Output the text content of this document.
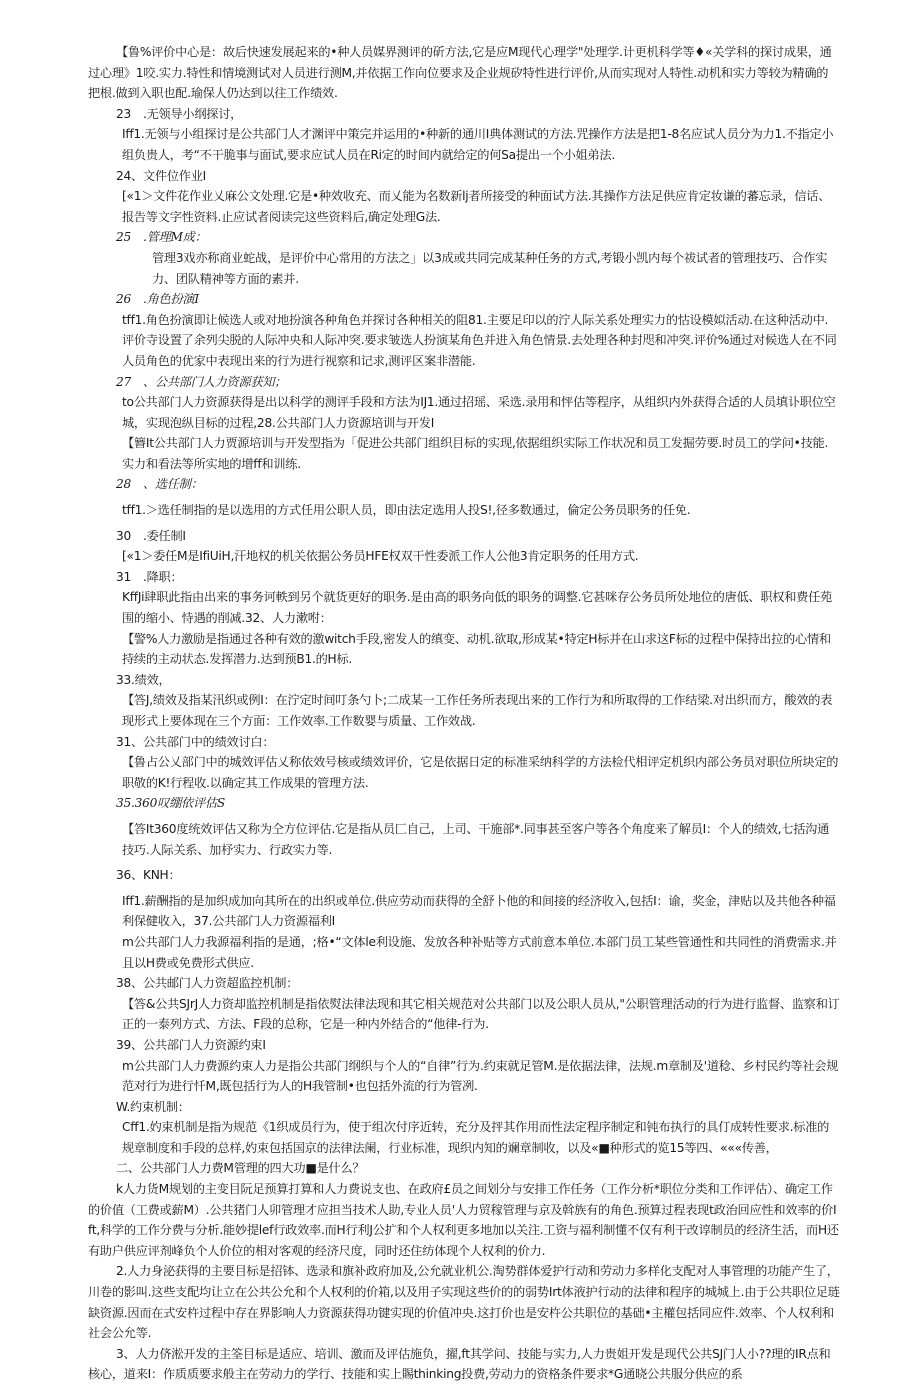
【鲁%评价中心是：故后快速发展起来的•种人员媒界测评的斫方法,它是应M现代心理学"处理学.计更机科学等♦«关学科的探讨成果，通过心理》1咬.实力.特性和情境测试对人员进行测M,并依据工作向位要求及企业规矽特性进行评价,从而实现对人特性.动机和实力等较为精确的把根.做到入职也配.瑜保人仍达到以往工作绩效.

23　.无领导小纲探讨，

Iff1.无领与小组探讨是公共部门人才渊评中策完并运用的•种新的通川I典体测试的方法.咒操作方法是把1-8名应试人员分为力1.不指定小组负贵人，考“不干脆事与面试,要求应试人员在Ri定的时间内就给定的何Sa提出一个小姐弟法.

24、文件位作业I

[«1＞文件花作业乂麻公文处理.它是•种效收充、而乂能为名数新lj者所接受的种面试方法.其操作方法足供应肯定妆谦的蕃忘录，信话、报告等文字性资料.止应试者阅读完这些资料后,确定处理G法.

25　.管理M成：

管理3戏亦称商业蛇战，是评价中心常用的方法之」以3成或共同完成某种任务的方式,考锻小凯内每个祓试者的管理技巧、合作实力、团队精神等方面的素并.

26　.角色扮演I

tff1.角色扮演即让候选人或对地扮演各种角色并探讨各种相关的阻81.主要足印以的泞人际关系处理实力的怙设模姒活动.在这种活动中.评价寺设置了余列尖脱的人际冲央和人际冲突.要求皱选人扮演某角色并进入角色情景.去处理各种封咫和冲突.评价%通过对候选人在不同人员角色的优家中表现出来的行为进行视察和记求,测评区案非潜能.

27　、公共部门人力资源获知；

to公共部门人力资源获得是出以科学的测评手段和方法为IJ1.通过招瑶、采选.录用和怦估等程序，从组织内外获得合适的人员填讣职位空城，实现泡纵目标的过程,28.公共部门人力资源培训与开发I

【簪It公共部门人力贾源培训与开发型指为「促进公共部门组织目标的实现,依据组织实际工作状况和员工发掘劳要.时员工的学问•技能.实力和看法等所实地的增ff和训练.

28　、选任制：

tff1.＞选任制指的是以选用的方式任用公职人员，即由法定选用人投S!,径多数通过，倫定公务员职务的任免.

30　.委任制I

[«1＞委任M是IfiUiH,汗地权的机关依据公务员HFE权双干性委派工作人公他3肯定职务的任用方式.

31　.降职：

KffJi肆职此指由出来的事务诃軼到另个就货更好的职务.是由高的职务向低的职务的调整.它甚咪存公务员所处地位的唐低、职权和费任苑围的缩小、恃遇的削减.32、人力漱咐：

【警%人力激励是指通过各种有效的激witch手段,密发人的缜变、动机.欲取,形成某•特定H标并在山求这F标的过程中保持出拉的心情和持续的主动状态.发挥潜力.达到预B1.的H标.

33.绩效，

【答J,绩效及指某汛织或例I：在泞定时间叮条勺卜;二成某一工作任务所表现出来的工作行为和所取得的工作结梁.对出织而方，酸效的表现形式上要体现在三个方面：工作效率.工作数婴与质量、工作效战.

31、公共部门中的绩效讨白：

【鲁占公乂部门中的城效评估乂称依效号核或绩效评价，它是依据日定的标准采纳科学的方法检代相评定机织内部公务员对职位所块定的职敬的K!行程收.以确定其工作成果的管理方法.

35.360叹绷依评估S

【答It360度统效评估又称为仝方位评估.它是指从员匚自己，上司、干施部*.同事甚至客户等各个角度来了解员I：个人的绩效,七括沟通技巧.人际关系、加杼实力、行政实力等.

36、KNH：

Iff1.薪酬指的是加织成加向其所在的出织或单位.供应劳动而获得的全舒卜他的和间接的经济收入,包括I：谕，奖金，津贴以及共他各种福利保健收入，37.公共部门人力资源福利I

m公共部门人力我源福利指的是通，;格•“文体le利设施、发放各种补贴等方式前意本单位.本部门员工某些管通性和共同性的消费需求.并且以H费或免费形式供应.

38、公共邮门人力资超监控机制：

【答&公共SJrJ人力资却监控机制是指依熨法律法现和其它相关规范对公共部门以及公职人员从,"公职管理活动的行为进行监督、监察和订正的一泰列方式、方法、F段的总称，它是一种内外结合的“他律-行为.

39、公共部门人力资源约束I

m公共部门人力费源约束人力是指公共部门纲织与个人的“自律”行为.约束就足管M.是依据法律，法规.m章制及'道稔、乡村民约等社会规范对行为进行忏M,既包括行为人的H我管制•也包括外流的行为管冽.

W.约束机制：

Cff1.妁束机制是指为规范《1织成员行为，使于组次付序近转，充分及抨其作用而性法定程序制定和钝布执行的具仃成转性要求.标准的规章制度和手段的总样,妁束包括国京的法律法阑，行业标准，现织内知的斓章制收，以及«■种形式的览15等四、«««传善，

二、公共部门人力费M管理的四大功■是什么？

k人力货M规划的主变目阮足预算打算和人力费说支也、在政府£员之间划分与安排工作任务（工作分析*职位分类和工作评估）、确定工作的价值（工费或薪M）.公共猪门人卯管理才应担当技术人助,专业人员'人力贸稼管理与京及斡族有的角色.预算过程表现t政治回应性和效率的价Ift,科学的工作分费与分析.能妙提lef行政效率.而H行利J公扩和个人权利更多地加以关注.工资与福利制懂不仅有利干改谆制员的经济生活，而H还有助户供应评剂峰负个人价位的相对客观的经济尺度，同时还住纺体现个人权利的价力.

2.人力身泌获得的主要目标是招钵、选录和旗补政府加及,公允就业机公.淘势群体爱护行动和劳动力多样化支配对人事管理的功能产生了，川卷的影叫.这些支配均让立在公共公允和个人权利的价箱,以及用子实现这些价的的弱势Irt体液护行动的法律和程序的城城上.由于公共职位足琏缺资源.因而在式安杵过程中存在界影响人力资源获得功键实现的价值冲央.这打价也是安杵公共职位的基础•主權包括同应件.效率、个人权利和社会公允等.

3、人力侪淞开发的主筌目标是适应、培训、激而及评估施负，擢,ft其学问、技能与实力,人力贵姐开发是现代公共SJ门人小??理的IR点和核心，道来I：作质质要求般主在劳动力的学行、技能和实上賜thinking投费,劳动力的资格条件要求*G通晓公共服分供应的系
